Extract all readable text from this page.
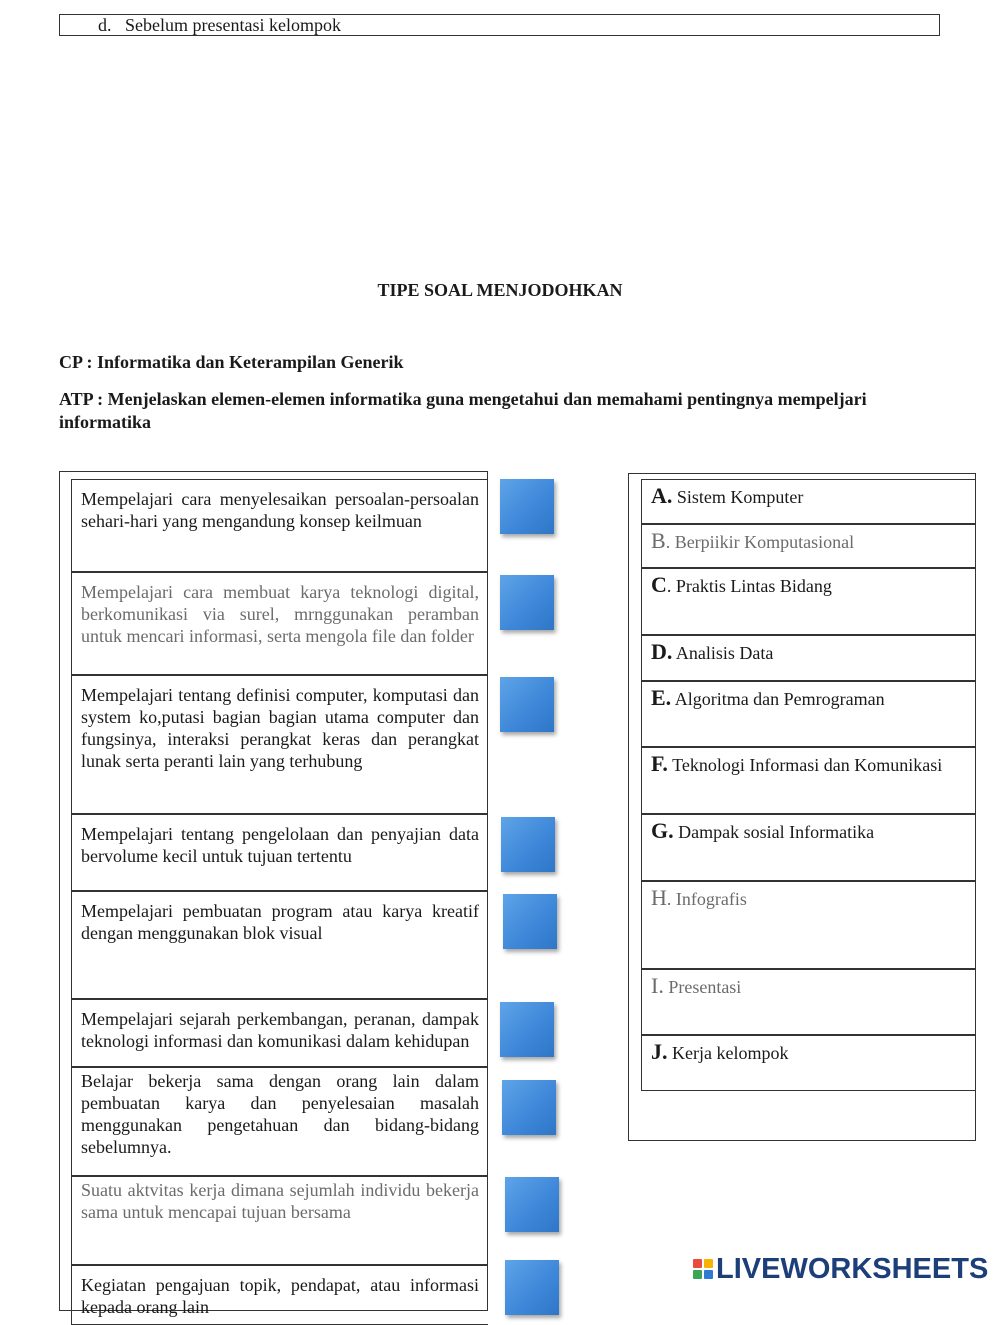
d. Sebelum presentasi kelompok
TIPE SOAL MENJODOHKAN
CP : Informatika dan Keterampilan Generik
ATP : Menjelaskan elemen-elemen informatika guna mengetahui dan memahami pentingnya mempeljari informatika
Mempelajari cara menyelesaikan persoalan-persoalan sehari-hari yang mengandung konsep keilmuan
Mempelajari cara membuat karya teknologi digital, berkomunikasi via surel, mrnggunakan peramban untuk mencari informasi, serta mengola file dan folder
Mempelajari tentang definisi computer, komputasi dan system ko,putasi bagian bagian utama computer dan fungsinya, interaksi perangkat keras dan perangkat lunak serta peranti lain yang terhubung
Mempelajari tentang pengelolaan dan penyajian data bervolume kecil untuk tujuan tertentu
Mempelajari pembuatan program atau karya kreatif dengan menggunakan blok visual
Mempelajari sejarah perkembangan, peranan, dampak teknologi informasi dan komunikasi dalam kehidupan
Belajar bekerja sama dengan orang lain dalam pembuatan karya dan penyelesaian masalah menggunakan pengetahuan dan bidang-bidang sebelumnya.
Suatu aktvitas kerja dimana sejumlah individu bekerja sama untuk mencapai tujuan bersama
Kegiatan pengajuan topik, pendapat, atau informasi kepada orang lain
A. Sistem Komputer
B. Berpiikir Komputasional
C. Praktis Lintas Bidang
D. Analisis Data
E. Algoritma dan Pemrograman
F. Teknologi Informasi dan Komunikasi
G. Dampak sosial Informatika
H. Infografis
I. Presentasi
J. Kerja kelompok
LIVEWORKSHEETS
